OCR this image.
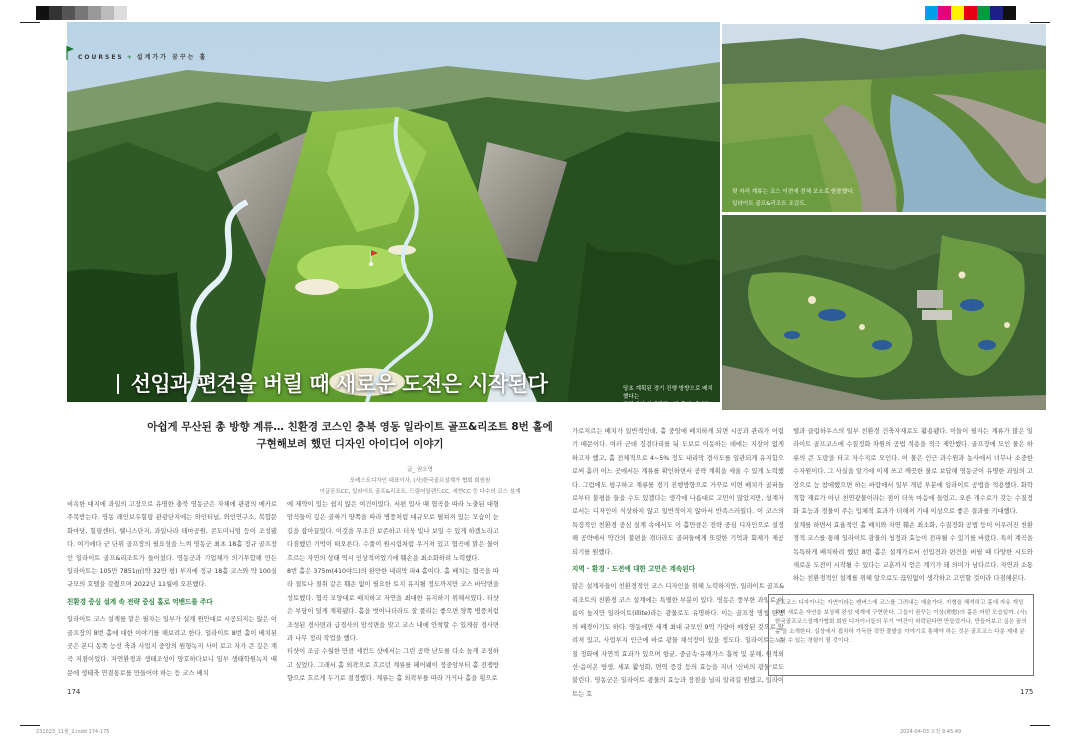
당초 계획된 경기 진행 방향으로 배치했다는
관점에서 설계했던 8번 홀의 개념도.
선입과 편견을 버릴 때 새로운 도전은 시작된다
뒷 자리 계류는 코스 이전에 전체 포소로 한몰했다.
일라이트 골프&리조트 조감도.
COURSES + 설계가가 꿈꾸는 홀
아쉽게 무산된 총 방향 계류… 친환경 코스인 충북 영동 일라이트 골프&리조트 8번 홀에
구현해보려 했던 디자인 아이디어 이야기
글_ 권오영
포레스트디자인 대표이사, (사)한국골프설계가 협회 회원원
이글몬트CC, 일라이트 골프&리조트, 드림어일랜드CC, 세현CC 등 다수의 코스 설계

비옥한 대지에 과일의 고장으로 유명한 충북 영동군은 자체에 관광의 메카로 주목받는다. 영동 레인보우힐링 관광단지에는 와인터널, 와인연구소, 복합문화마당, 힐링센터, 웰니스단지, 과일나라 테마공원, 콘도미니엄 등이 조성됐다. 여기에다 군 단위 골프장의 필요성을 느껴 영동군 최초 18홀 정규 골프장인 일라이트 골프&리조트가 들어섰다. 영동군과 기업체가 의기투합해 만든 일라이트는 105만 7851㎡(약 32만 평) 부지에 정규 18홀 코스와 약 100실 규모의 호텔을 갖췄으며 2022년 11월에 오픈했다.

친환경 중심 설계 속 전략 중심 홀로 억밴드를 주다

일라이트 코스 설계를 맡은 필자는 일부가 설계 원안대로 시공되지는 않은 이 골프장의 8번 홀에 대한 이야기를 해보려고 한다. 일라이트 8번 홀이 배치된 곳은 본디 동쪽 능선 축과 사업지 중앙의 원형녹지 사이 로고 자가 큰 깊은 계곡 지점이었다. 자연환경과 생태조성이 양호하다보니 일부 생태학원녹지 때문에 생태축 연결통로를 만들어야 하는 등 코스 배치

에 제약이 있는 쉽지 않은 여건이었다. 서편 입사 때 협곡을 따라 노출된 대형 암석들이 깊은 골짜기 양쪽을 따라 병풍처럼 대규모로 펼쳐져 있는 모습이 눈길을 잡아끌었다. 이것을 무조건 보존하고 더욱 빛나 보일 수 있게 하겠노라고 다짐했던 기억이 떠오른다. 수풀이 원시림처럼 우거져 있고 협곡에 맑은 물이 흐르는 자연의 상태 역시 인상적이었기에 훼손을 최소화하려 노력했다.

8번 홀은 375m(410야드)의 완만한 내리막 파4 홀이다. 홀 배치는 협곡을 따라 절토나 절취 같은 훼손 없이 필요한 토지 유지될 정도까지만 코스 바닥면을 성토했다. 협곡 모양대로 배치하고 자연을 최대한 유지하기 위해서였다. 티샷은 부담이 덜게 계획됐다. 홀을 벗어나더라도 잘 풀리는 좋으면 양쪽 병풍처럼 조성된 경사면과 급경사의 암석면을 맞고 코스 내에 안착할 수 있게끔 경사면과 나무 정리 작업을 했다.

티샷이 조금 수월한 만큼 세컨드 샷에서는 그린 공략 난도를 다소 높게 조정하고 싶었다. 그래서 홀 외곽으로 흐르던 계류를 페어웨이 정중앙부터 홀 전쟁방향으로 흐르게 두기로 결정했다. 계류는 홀 외곽부를 따라 가거나 홀을 횡으로

가로지르는 배치가 일반적인데, 홀 중앙에 배치하게 되면 시공과 관리가 어렵기 때문이다. 여러 군데 징검다리를 둬 도보로 이동하는 데에는 지장이 없게 하고자 했고, 홀 전체적으로 4~5% 정도 내리막 경사도를 일관되게 유지함으로써 흘러 어느 곳에서든 계류를 확인하면서 공략 계획을 세울 수 있게 노력했다. 그럼에도 평구하고 계류를 경기 진행방향으로 거꾸로 이면 배치가 골퍼들로부터 불평을 들을 수도 있겠다는 생각에 나름대로 고민이 많았지만, 설계자로서는 디자인이 식상하지 않고 일반적이지 않아서 반족스러웠다. 이 코스의 특징적인 친환경 중심 설계 속에서도 이 홀만큼은 전략 중심 디자인으로 설정해 공략에서 약간의 불편을 겪더라도 골퍼들에게 또렷한 기억과 회제가 제공되기를 원했다.

지역 · 환경 · 도전에 대한 고민은 계속된다

많은 설계자들이 친환경적인 코스 디자인을 위해 노력하지만, 일라이트 골프&리조트의 친환경 코스 설계에는 특별한 부분이 있다. 영동은 풍부한 과일로 이름이 높지만 일라이트(illite)라는 광물로도 유명하다. 이는 골프장 명칭 탄생의 배경이기도 하다. 영동에만 세계 최대 규모인 9억 가량이 매장된 것으로 알려져 있고, 사업부지 인근에 바로 광물 채석장이 있을 정도다. 일라이트는 수질 정화에 자연적 효과가 있으며 항균, 중금속·유해가스 흡착 및 분해, 원적외선·음이온 방생, 세포 활성화, 면역 증강 등의 효능을 지녀 '신비의 광물'로도 불린다. 영동군은 일라이트 광물의 효능과 장점을 널리 알리길 원했고, 일라이트는 호

텔과 클럽하우스의 일부 친환경 건축자재로도 활용됐다. 이들이 필자는 계류가 많은 일라이트 골프코스에 수질정화 차원의 공법 적용을 적극 제안했다. 골프장에 모인 물은 하류의 큰 도랑을 타고 자수지로 모인다. 이 물은 인근 과수원과 농사에서 너무나 소중한 수자원이다. 그 사실을 알기에 이제 쓰고 깨끗한 물로 보답해 영동군이 유명한 과일의 고장으로 능 참에했으면 하는 바람에서 일부 개념 부분에 일라이트 공법을 적용했다. 화학 적합 재료가 아닌 천연광물이라는 점이 더욱 마음에 들었고, 오른 개수로가 갖는 수질정화 효능과 경물이 주는 입체적 효과가 더해져 기대 이상으로 좋은 결과를 기대했다.

설계를 하면서 효율적인 홀 배치와 자연 훼손 최소화, 수질정화 공법 등이 어우러진 친환경적 코스를 통해 일라이트 광물의 청정과 효능이 전파될 수 있기를 바랐다. 특히 계곡을 독특하게 배치하려 했던 8번 홀은 설계가로서 선입견과 편견을 버릴 때 다양한 시도와 새로운 도전이 시작될 수 있다는 교훈까지 얻은 계기가 돼 의미가 남다르다. 자연과 소통하는 친환경적인 설계를 위해 앞으로도 끊임없이 생각하고 고민할 것이라 다짐해본다.

골프코스 디자이너는 자연이라는 캔버스에 코스를 그려내는 예술가다. 지형을 해석하고 홀에 자유 개성하며 새로운 자연을 보상해 완성 세계에 구현한다. 그들이 꿈꾸는 이상(理想)의 홀은 어떤 모습일까. (사)한국골프코스설계가협회 회원 디자이너들의 무기 '여건이 허락된다면 만들었거나, 만들어보고 싶은 꿈의 홀'을 소개한다. 실상에서 접차하 가득한 것만 풀밭을 이야기로 통해야 하는 것은 골프코스 다룬 제대 분노할 수 있는 경험이 될 것이다.
174	175
231023_11월_2.indd 174-175	2024-04-03 오전 9:45:49
